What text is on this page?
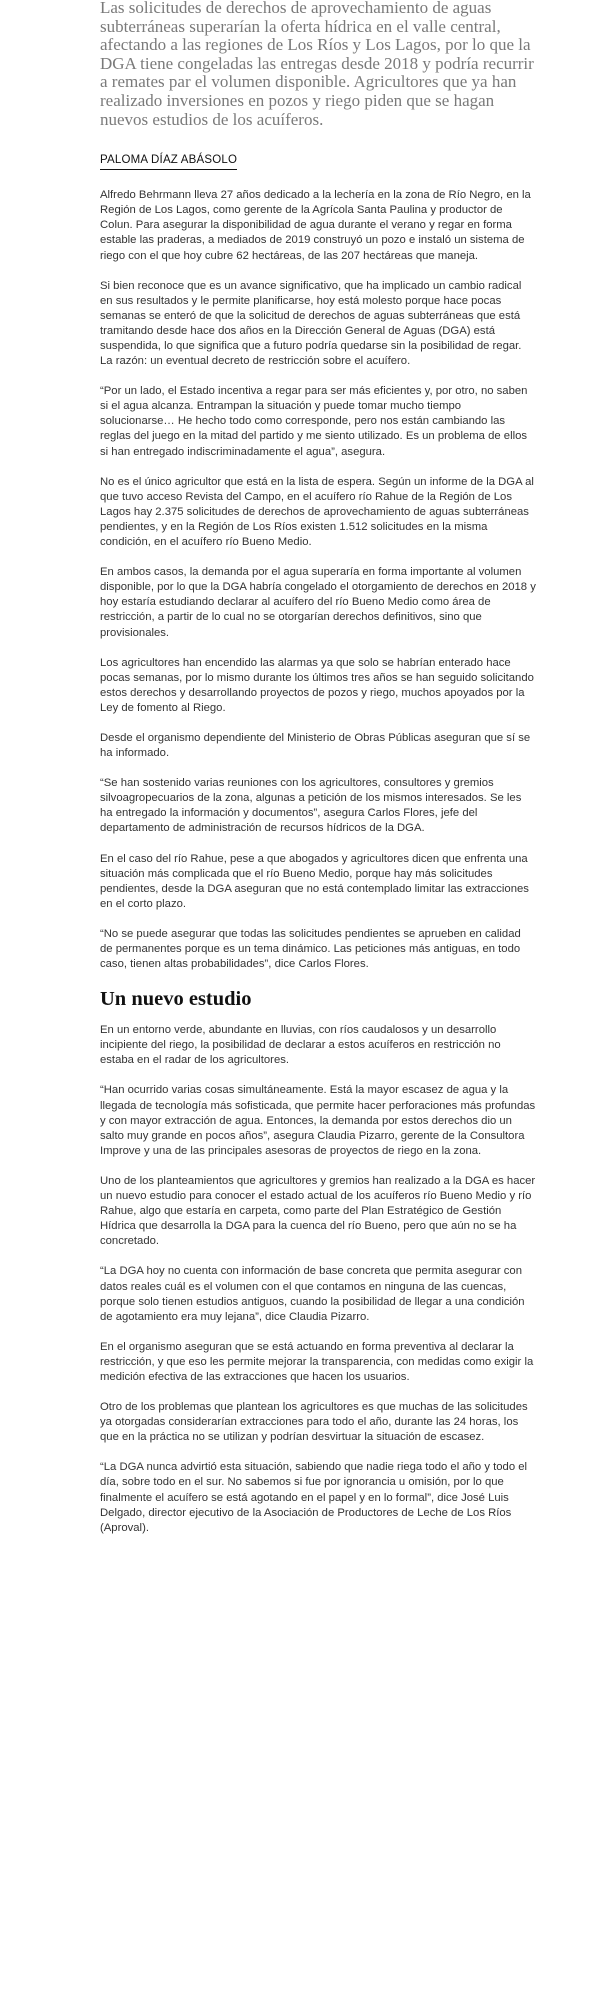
Las solicitudes de derechos de aprovechamiento de aguas subterráneas superarían la oferta hídrica en el valle central, afectando a las regiones de Los Ríos y Los Lagos, por lo que la DGA tiene congeladas las entregas desde 2018 y podría recurrir a remates par el volumen disponible. Agricultores que ya han realizado inversiones en pozos y riego piden que se hagan nuevos estudios de los acuíferos.

PALOMA DÍAZ ABÁSOLO

Alfredo Behrmann lleva 27 años dedicado a la lechería en la zona de Río Negro, en la Región de Los Lagos, como gerente de la Agrícola Santa Paulina y productor de Colun. Para asegurar la disponibilidad de agua durante el verano y regar en forma estable las praderas, a mediados de 2019 construyó un pozo e instaló un sistema de riego con el que hoy cubre 62 hectáreas, de las 207 hectáreas que maneja.

Si bien reconoce que es un avance significativo, que ha implicado un cambio radical en sus resultados y le permite planificarse, hoy está molesto porque hace pocas semanas se enteró de que la solicitud de derechos de aguas subterráneas que está tramitando desde hace dos años en la Dirección General de Aguas (DGA) está suspendida, lo que significa que a futuro podría quedarse sin la posibilidad de regar. La razón: un eventual decreto de restricción sobre el acuífero.

“Por un lado, el Estado incentiva a regar para ser más eficientes y, por otro, no saben si el agua alcanza. Entrampan la situación y puede tomar mucho tiempo solucionarse… He hecho todo como corresponde, pero nos están cambiando las reglas del juego en la mitad del partido y me siento utilizado. Es un problema de ellos si han entregado indiscriminadamente el agua”, asegura.

No es el único agricultor que está en la lista de espera. Según un informe de la DGA al que tuvo acceso Revista del Campo, en el acuífero río Rahue de la Región de Los Lagos hay 2.375 solicitudes de derechos de aprovechamiento de aguas subterráneas pendientes, y en la Región de Los Ríos existen 1.512 solicitudes en la misma condición, en el acuífero río Bueno Medio.

En ambos casos, la demanda por el agua superaría en forma importante al volumen disponible, por lo que la DGA habría congelado el otorgamiento de derechos en 2018 y hoy estaría estudiando declarar al acuífero del río Bueno Medio como área de restricción, a partir de lo cual no se otorgarían derechos definitivos, sino que provisionales.

Los agricultores han encendido las alarmas ya que solo se habrían enterado hace pocas semanas, por lo mismo durante los últimos tres años se han seguido solicitando estos derechos y desarrollando proyectos de pozos y riego, muchos apoyados por la Ley de fomento al Riego.

Desde el organismo dependiente del Ministerio de Obras Públicas aseguran que sí se ha informado.

“Se han sostenido varias reuniones con los agricultores, consultores y gremios silvoagropecuarios de la zona, algunas a petición de los mismos interesados. Se les ha entregado la información y documentos”, asegura Carlos Flores, jefe del departamento de administración de recursos hídricos de la DGA.

En el caso del río Rahue, pese a que abogados y agricultores dicen que enfrenta una situación más complicada que el río Bueno Medio, porque hay más solicitudes pendientes, desde la DGA aseguran que no está contemplado limitar las extracciones en el corto plazo.

“No se puede asegurar que todas las solicitudes pendientes se aprueben en calidad de permanentes porque es un tema dinámico. Las peticiones más antiguas, en todo caso, tienen altas probabilidades”, dice Carlos Flores.

Un nuevo estudio

En un entorno verde, abundante en lluvias, con ríos caudalosos y un desarrollo incipiente del riego, la posibilidad de declarar a estos acuíferos en restricción no estaba en el radar de los agricultores.

“Han ocurrido varias cosas simultáneamente. Está la mayor escasez de agua y la llegada de tecnología más sofisticada, que permite hacer perforaciones más profundas y con mayor extracción de agua. Entonces, la demanda por estos derechos dio un salto muy grande en pocos años”, asegura Claudia Pizarro, gerente de la Consultora Improve y una de las principales asesoras de proyectos de riego en la zona.

Uno de los planteamientos que agricultores y gremios han realizado a la DGA es hacer un nuevo estudio para conocer el estado actual de los acuíferos río Bueno Medio y río Rahue, algo que estaría en carpeta, como parte del Plan Estratégico de Gestión Hídrica que desarrolla la DGA para la cuenca del río Bueno, pero que aún no se ha concretado.

“La DGA hoy no cuenta con información de base concreta que permita asegurar con datos reales cuál es el volumen con el que contamos en ninguna de las cuencas, porque solo tienen estudios antiguos, cuando la posibilidad de llegar a una condición de agotamiento era muy lejana”, dice Claudia Pizarro.

En el organismo aseguran que se está actuando en forma preventiva al declarar la restricción, y que eso les permite mejorar la transparencia, con medidas como exigir la medición efectiva de las extracciones que hacen los usuarios.

Otro de los problemas que plantean los agricultores es que muchas de las solicitudes ya otorgadas considerarían extracciones para todo el año, durante las 24 horas, los que en la práctica no se utilizan y podrían desvirtuar la situación de escasez.

“La DGA nunca advirtió esta situación, sabiendo que nadie riega todo el año y todo el día, sobre todo en el sur. No sabemos si fue por ignorancia u omisión, por lo que finalmente el acuífero se está agotando en el papel y en lo formal”, dice José Luis Delgado, director ejecutivo de la Asociación de Productores de Leche de Los Ríos (Aproval).
